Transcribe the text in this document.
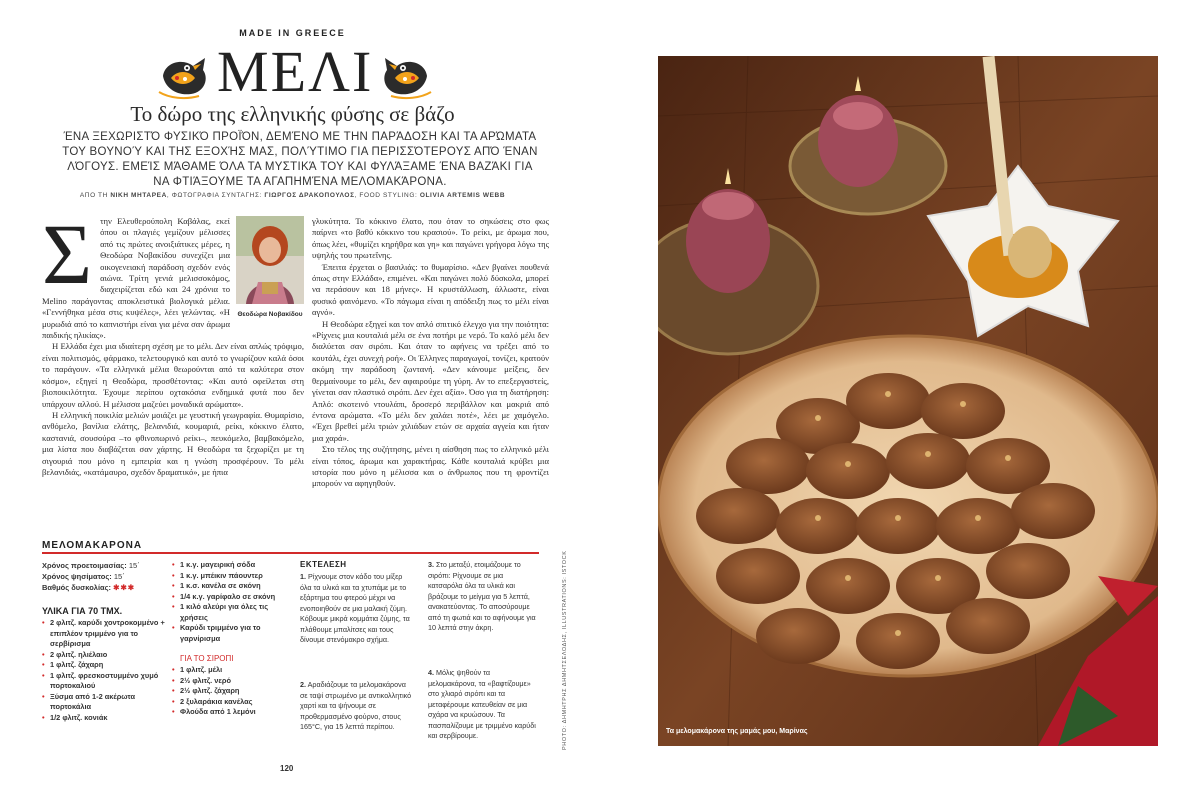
MADE IN GREECE
ΜΕΛΙ
Το δώρο της ελληνικής φύσης σε βάζο
ΈΝΑ ΞΕΧΩΡΙΣΤΌ ΦΥΣΙΚΌ ΠΡΟΪΌΝ, ΔΕΜΈΝΟ ΜΕ ΤΗΝ ΠΑΡΆΔΟΣΗ ΚΑΙ ΤΑ ΑΡΏΜΑΤΑ ΤΟΥ ΒΟΥΝΟΎ ΚΑΙ ΤΗΣ ΕΞΟΧΉΣ ΜΑΣ, ΠΟΛΎΤΙΜΟ ΓΙΑ ΠΕΡΙΣΣΌΤΕΡΟΥΣ ΑΠΌ ΈΝΑΝ ΛΌΓΟΥΣ. ΕΜΕΊΣ ΜΆΘΑΜΕ ΌΛΑ ΤΑ ΜΥΣΤΙΚΆ ΤΟΥ ΚΑΙ ΦΥΛΆΞΑΜΕ ΈΝΑ ΒΑΖΆΚΙ ΓΙΑ ΝΑ ΦΤΙΆΞΟΥΜΕ ΤΑ ΑΓΑΠΗΜΈΝΑ ΜΕΛΟΜΑΚΆΡΟΝΑ.
ΑΠΟ ΤΗ ΝΙΚΗ ΜΗΤΑΡΕΑ, ΦΩΤΟΓΡΑΦΙΑ ΣΥΝΤΑΓΗΣ: ΓΙΩΡΓΟΣ ΔΡΑΚΟΠΟΥΛΟΣ, FOOD STYLING: OLIVIA ARTEMIS WEBB
Σ
Θεοδώρα Νοβακίδου

την Ελευθερούπολη Καβάλας, εκεί όπου οι πλαγιές γεμίζουν μέλισσες από τις πρώτες ανοιξιάτικες μέρες, η Θεοδώρα Νοβακίδου συνεχίζει μια οικογενειακή παράδοση σχεδόν ενός αιώνα. Τρίτη γενιά μελισσοκόμος, διαχειρίζεται εδώ και 24 χρόνια το Melino παράγοντας αποκλειστικά βιολογικά μέλια. «Γεννήθηκα μέσα στις κυψέλες», λέει γελώντας. «Η μυρωδιά από το καπνιστήρι είναι για μένα σαν άρωμα παιδικής ηλικίας».

Η Ελλάδα έχει μια ιδιαίτερη σχέση με το μέλι. Δεν είναι απλώς τρόφιμο, είναι πολιτισμός, φάρμακο, τελετουργικό και αυτό το γνωρίζουν καλά όσοι το παράγουν. «Τα ελληνικά μέλια θεωρούνται από τα καλύτερα στον κόσμο», εξηγεί η Θεοδώρα, προσθέτοντας: «Και αυτό οφείλεται στη βιοποικιλότητα. Έχουμε περίπου οχτακόσια ενδημικά φυτά που δεν υπάρχουν αλλού. Η μέλισσα μαζεύει μοναδικά αρώματα».

Η ελληνική ποικιλία μελιών μοιάζει με γευστική γεωγραφία. Θυμαρίσιο, ανθόμελο, βανίλια ελάτης, βελανιδιά, κουμαριά, ρείκι, κόκκινο έλατο, καστανιά, σουσούρα –το φθινοπωρινό ρείκι–, πευκόμελο, βαμβακόμελο, μια λίστα που διαβάζεται σαν χάρτης. Η Θεοδώρα τα ξεχωρίζει με τη σιγουριά που μόνο η εμπειρία και η γνώση προσφέρουν. Το μέλι βελανιδιάς, «κατάμαυρο, σχεδόν δραματικό», με ήπια

γλυκύτητα. Το κόκκινο έλατο, που όταν το σηκώσεις στο φως παίρνει «το βαθύ κόκκινο του κρασιού». Το ρείκι, με άρωμα που, όπως λέει, «θυμίζει κηρήθρα και γη» και παγώνει γρήγορα λόγω της υψηλής του πρωτεΐνης.

Έπειτα έρχεται ο βασιλιάς: το θυμαρίσιο. «Δεν βγαίνει πουθενά όπως στην Ελλάδα», επιμένει. «Και παγώνει πολύ δύσκολα, μπορεί να περάσουν και 18 μήνες». Η κρυστάλλωση, άλλωστε, είναι φυσικό φαινόμενο. «Το πάγωμα είναι η απόδειξη πως το μέλι είναι αγνό».

Η Θεοδώρα εξηγεί και τον απλό σπιτικό έλεγχο για την ποιότητα: «Ρίχνεις μια κουταλιά μέλι σε ένα ποτήρι με νερό. Το καλό μέλι δεν διαλύεται σαν σιρόπι. Και όταν το αφήνεις να τρέξει από το κουτάλι, έχει συνεχή ροή». Οι Έλληνες παραγωγοί, τονίζει, κρατούν ακόμη την παράδοση ζωντανή. «Δεν κάνουμε μείξεις, δεν θερμαίνουμε το μέλι, δεν αφαιρούμε τη γύρη. Αν το επεξεργαστείς, γίνεται σαν πλαστικό σιρόπι. Δεν έχει αξία». Όσο για τη διατήρηση: Απλό: σκοτεινό ντουλάπι, δροσερό περιβάλλον και μακριά από έντονα αρώματα. «Το μέλι δεν χαλάει ποτέ», λέει με χαμόγελο. «Έχει βρεθεί μέλι τριών χιλιάδων ετών σε αρχαία αγγεία και ήταν μια χαρά».

Στο τέλος της συζήτησης, μένει η αίσθηση πως το ελληνικό μέλι είναι τόπος, άρωμα και χαρακτήρας. Κάθε κουταλιά κρύβει μια ιστορία που μόνο η μέλισσα και ο άνθρωπος που τη φροντίζει μπορούν να αφηγηθούν.

ΜΕΛΟΜΑΚΑΡΟΝΑ
Χρόνος προετοιμασίας: 15΄
Χρόνος ψησίματος: 15΄
Βαθμός δυσκολίας: ✱✱✱
ΥΛΙΚΑ ΓΙΑ 70 ΤΜΧ.
• 2 φλιτζ. καρύδι χοντροκομμένο + επιπλέον τριμμένο για το σερβίρισμα
• 2 φλιτζ. ηλιέλαιο
• 1 φλιτζ. ζάχαρη
• 1 φλιτζ. φρεσκοστυμμένο χυμό πορτοκαλιού
• Ξύσμα από 1-2 ακέρωτα πορτοκάλια
• 1/2 φλιτζ. κονιάκ
• 1 κ.γ. μαγειρική σόδα
• 1 κ.γ. μπέικιν πάουντερ
• 1 κ.σ. κανέλα σε σκόνη
• 1/4 κ.γ. γαρίφαλο σε σκόνη
• 1 κιλό αλεύρι για όλες τις χρήσεις
• Καρύδι τριμμένο για το γαρνίρισμα
ΓΙΑ ΤΟ ΣΙΡΟΠΙ
• 1 φλιτζ. μέλι
• 2½ φλιτζ. νερό
• 2½ φλιτζ. ζάχαρη
• 2 ξυλαράκια κανέλας
• Φλούδα από 1 λεμόνι
ΕΚΤΕΛΕΣΗ
1. Ρίχνουμε στον κάδο του μίξερ όλα τα υλικά και τα χτυπάμε με το εξάρτημα του φτερού μέχρι να ενοποιηθούν σε μια μαλακή ζύμη. Κόβουμε μικρά κομμάτια ζύμης, τα πλάθουμε μπαλίτσες και τους δίνουμε στενόμακρο σχήμα.
2. Αραδιάζουμε τα μελομακάρονα σε ταψί στρωμένο με αντικολλητικό χαρτί και τα ψήνουμε σε προθερμασμένο φούρνο, στους 165°C, για 15 λεπτά περίπου.
3. Στο μεταξύ, ετοιμάζουμε το σιρόπι: Ρίχνουμε σε μια κατσαρόλα όλα τα υλικά και βράζουμε το μείγμα για 5 λεπτά, ανακατεύοντας. Το αποσύρουμε από τη φωτιά και το αφήνουμε για 10 λεπτά στην άκρη.
4. Μόλις ψηθούν τα μελομακάρονα, τα «βαφτίζουμε» στο χλιαρό σιρόπι και τα μεταφέρουμε κατευθείαν σε μια σχάρα να κρυώσουν. Τα πασπαλίζουμε με τριμμένο καρύδι και σερβίρουμε.
120
PHOTO: ΔΗΜΗΤΡΗΣ ΔΗΜΗΤΣΕΛΟΔΗΣ, ILLUSTRATIONS: ISTOCK	Τα μελομακάρονα της μαμάς μου, Μαρίνας
